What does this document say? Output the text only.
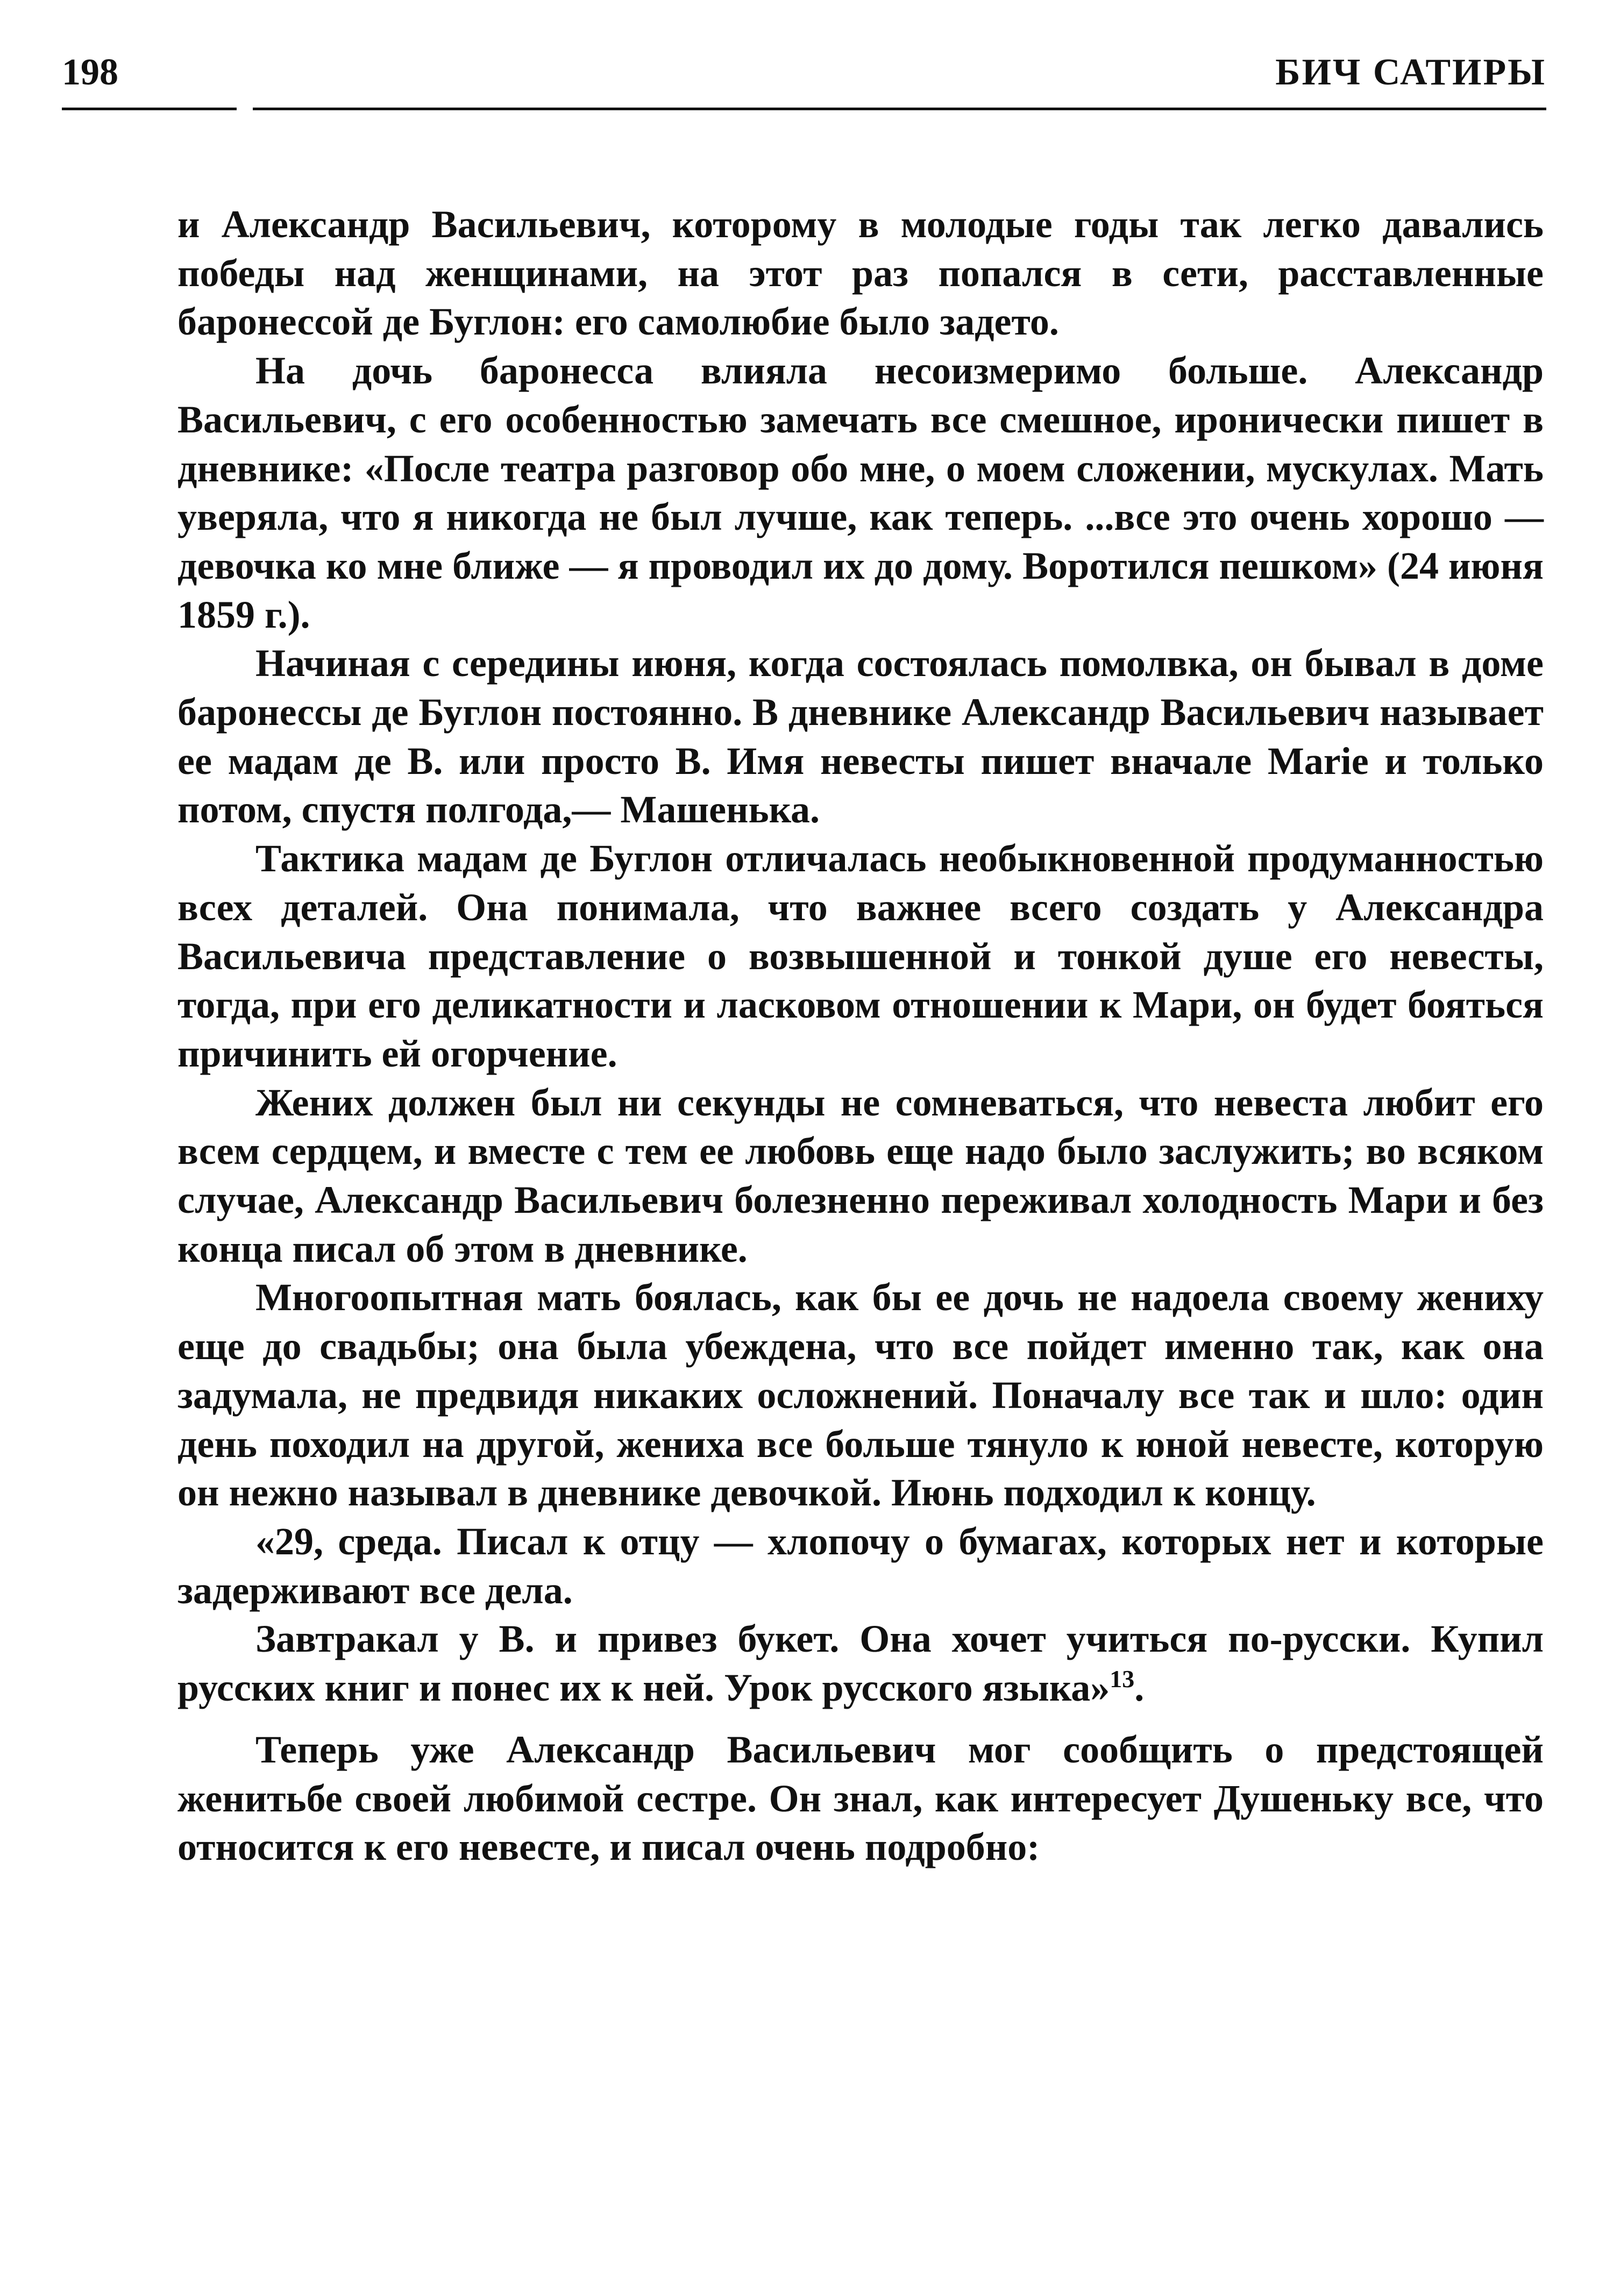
198	БИЧ САТИРЫ

и Александр Васильевич, которому в молодые годы так легко давались победы над женщинами, на этот раз попался в сети, расставленные баронессой де Буглон: его самолюбие было задето.

На дочь баронесса влияла несоизмеримо больше. Александр Васильевич, с его особенностью замечать все смешное, иронически пишет в дневнике: «После театра разговор обо мне, о моем сложении, мускулах. Мать уверяла, что я никогда не был лучше, как теперь. ...все это очень хорошо — девочка ко мне ближе — я проводил их до дому. Воротился пешком» (24 июня 1859 г.).

Начиная с середины июня, когда состоялась помолвка, он бывал в доме баронессы де Буглон постоянно. В дневнике Александр Васильевич называет ее мадам де В. или просто В. Имя невесты пишет вначале Marie и только потом, спустя полгода,— Машенька.

Тактика мадам де Буглон отличалась необыкновенной продуманностью всех деталей. Она понимала, что важнее всего создать у Александра Васильевича представление о возвышенной и тонкой душе его невесты, тогда, при его деликатности и ласковом отношении к Мари, он будет бояться причинить ей огорчение.

Жених должен был ни секунды не сомневаться, что невеста любит его всем сердцем, и вместе с тем ее любовь еще надо было заслужить; во всяком случае, Александр Васильевич болезненно переживал холодность Мари и без конца писал об этом в дневнике.

Многоопытная мать боялась, как бы ее дочь не надоела своему жениху еще до свадьбы; она была убеждена, что все пойдет именно так, как она задумала, не предвидя никаких осложнений. Поначалу все так и шло: один день походил на другой, жениха все больше тянуло к юной невесте, которую он нежно называл в дневнике девочкой. Июнь подходил к концу.

«29, среда. Писал к отцу — хлопочу о бумагах, которых нет и которые задерживают все дела.

Завтракал у В. и привез букет. Она хочет учиться по-русски. Купил русских книг и понес их к ней. Урок русского языка»$^{13}$.

Теперь уже Александр Васильевич мог сообщить о предстоящей женитьбе своей любимой сестре. Он знал, как интересует Душеньку все, что относится к его невесте, и писал очень подробно:
